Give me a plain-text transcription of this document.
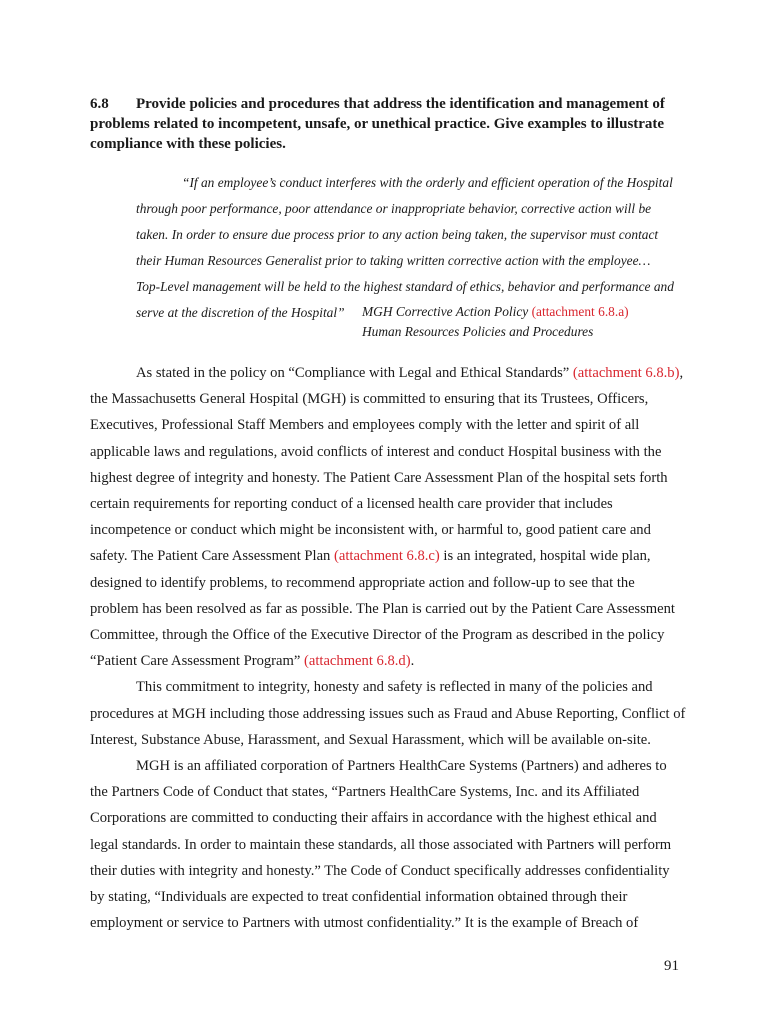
6.8 Provide policies and procedures that address the identification and management of problems related to incompetent, unsafe, or unethical practice. Give examples to illustrate compliance with these policies.

“If an employee’s conduct interferes with the orderly and efficient operation of the Hospital through poor performance, poor attendance or inappropriate behavior, corrective action will be taken. In order to ensure due process prior to any action being taken, the supervisor must contact their Human Resources Generalist prior to taking written corrective action with the employee… Top-Level management will be held to the highest standard of ethics, behavior and performance and serve at the discretion of the Hospital”	MGH Corrective Action Policy (attachment 6.8.a)
Human Resources Policies and Procedures

As stated in the policy on “Compliance with Legal and Ethical Standards” (attachment 6.8.b), the Massachusetts General Hospital (MGH) is committed to ensuring that its Trustees, Officers, Executives, Professional Staff Members and employees comply with the letter and spirit of all applicable laws and regulations, avoid conflicts of interest and conduct Hospital business with the highest degree of integrity and honesty. The Patient Care Assessment Plan of the hospital sets forth certain requirements for reporting conduct of a licensed health care provider that includes incompetence or conduct which might be inconsistent with, or harmful to, good patient care and safety. The Patient Care Assessment Plan (attachment 6.8.c) is an integrated, hospital wide plan, designed to identify problems, to recommend appropriate action and follow-up to see that the problem has been resolved as far as possible. The Plan is carried out by the Patient Care Assessment Committee, through the Office of the Executive Director of the Program as described in the policy “Patient Care Assessment Program” (attachment 6.8.d).

This commitment to integrity, honesty and safety is reflected in many of the policies and procedures at MGH including those addressing issues such as Fraud and Abuse Reporting, Conflict of Interest, Substance Abuse, Harassment, and Sexual Harassment, which will be available on-site.

MGH is an affiliated corporation of Partners HealthCare Systems (Partners) and adheres to the Partners Code of Conduct that states, “Partners HealthCare Systems, Inc. and its Affiliated Corporations are committed to conducting their affairs in accordance with the highest ethical and legal standards. In order to maintain these standards, all those associated with Partners will perform their duties with integrity and honesty.” The Code of Conduct specifically addresses confidentiality by stating, “Individuals are expected to treat confidential information obtained through their employment or service to Partners with utmost confidentiality.” It is the example of Breach of

91
